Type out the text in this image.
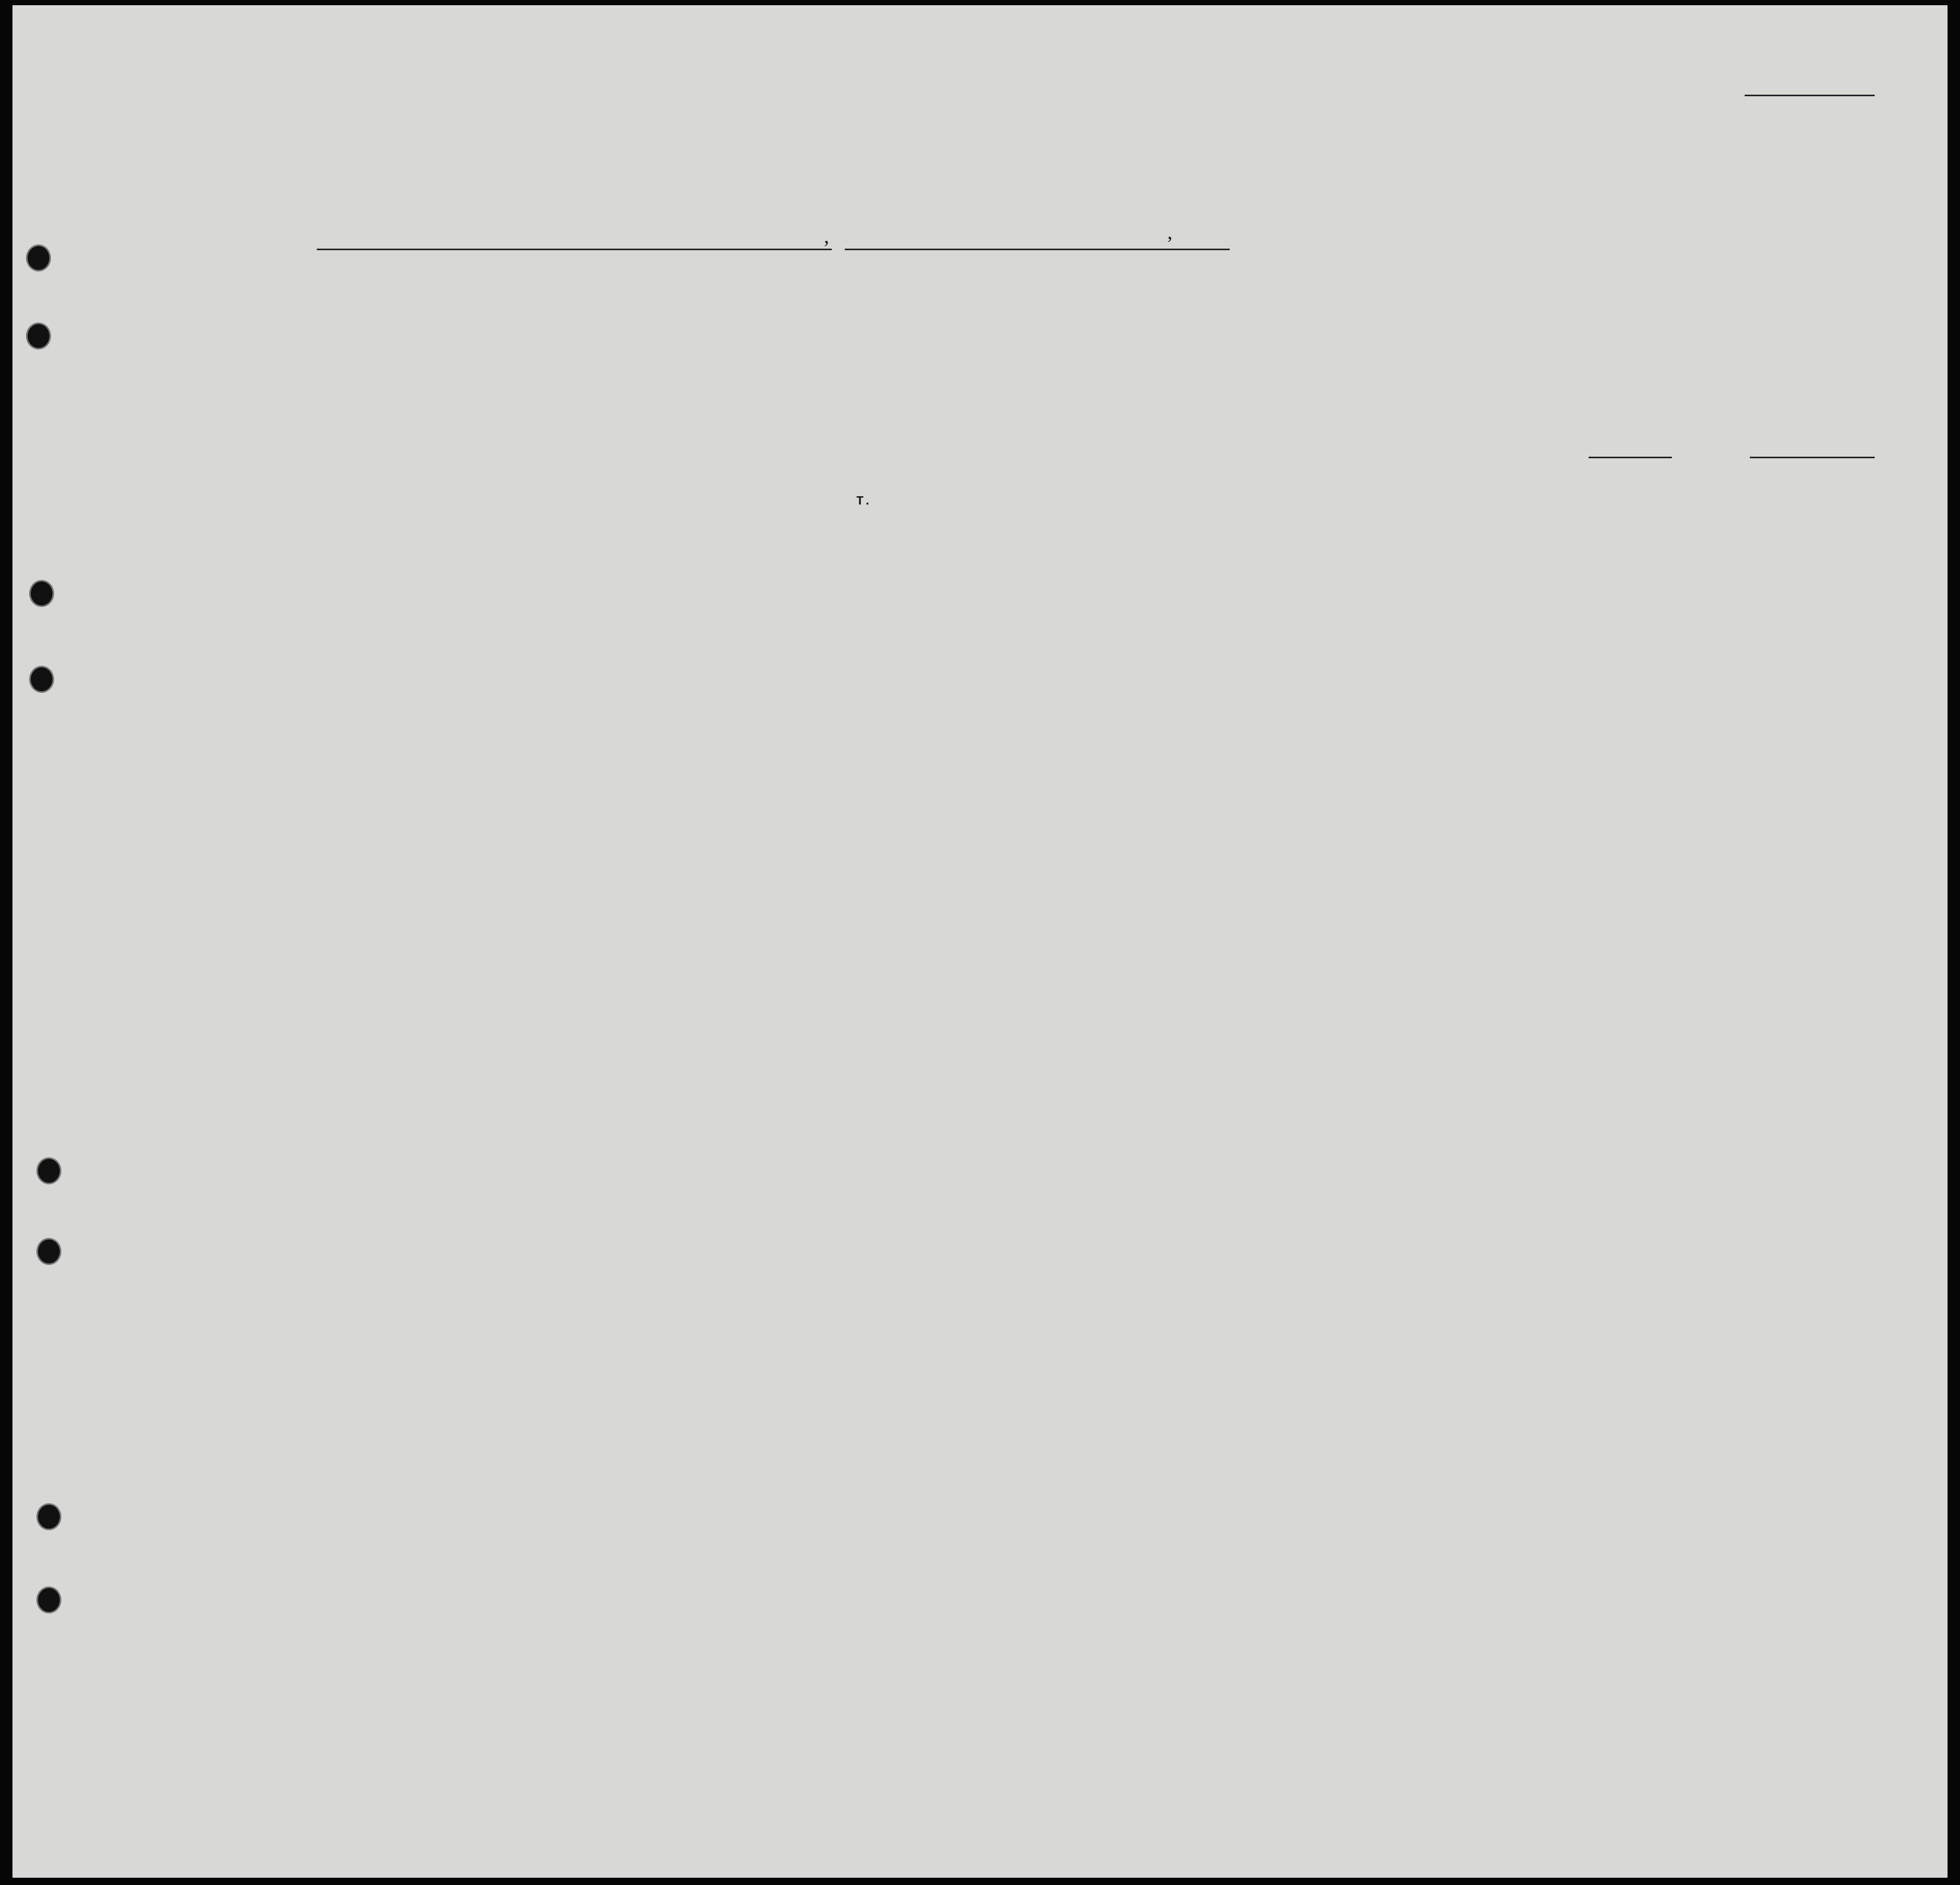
,	,
T.
